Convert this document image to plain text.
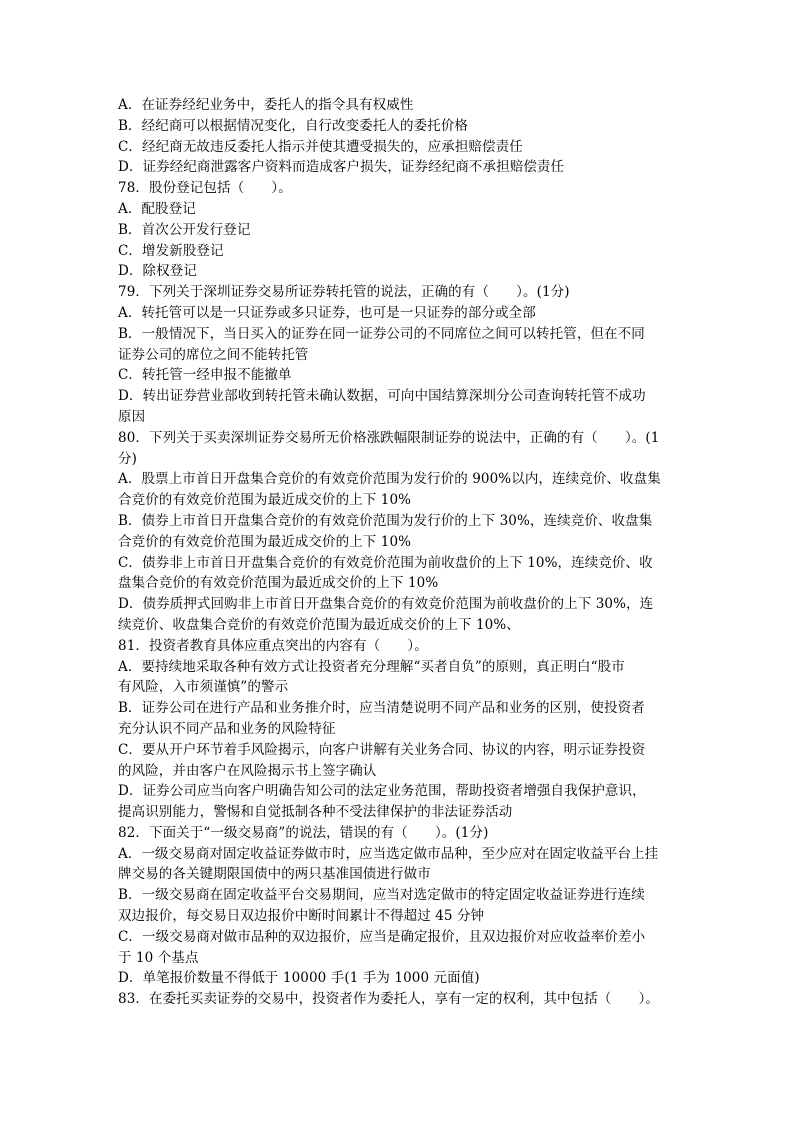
A．在证券经纪业务中，委托人的指令具有权威性
B．经纪商可以根据情况变化，自行改变委托人的委托价格
C．经纪商无故违反委托人指示并使其遭受损失的，应承担赔偿责任
D．证券经纪商泄露客户资料而造成客户损失，证券经纪商不承担赔偿责任
78．股份登记包括（　　）。
A．配股登记
B．首次公开发行登记
C．增发新股登记
D．除权登记
79．下列关于深圳证券交易所证券转托管的说法，正确的有（　　）。(1分)
A．转托管可以是一只证券或多只证券，也可是一只证券的部分或全部
B．一般情况下，当日买入的证券在同一证券公司的不同席位之间可以转托管，但在不同
证券公司的席位之间不能转托管
C．转托管一经申报不能撤单
D．转出证券营业部收到转托管未确认数据，可向中国结算深圳分公司查询转托管不成功
原因
80．下列关于买卖深圳证券交易所无价格涨跌幅限制证券的说法中，正确的有（　　）。(1
分)
A．股票上市首日开盘集合竞价的有效竞价范围为发行价的 900%以内，连续竞价、收盘集
合竞价的有效竞价范围为最近成交价的上下 10%
B．债券上市首日开盘集合竞价的有效竞价范围为发行价的上下 30%，连续竞价、收盘集
合竞价的有效竞价范围为最近成交价的上下 10%
C．债券非上市首日开盘集合竞价的有效竞价范围为前收盘价的上下 10%，连续竞价、收
盘集合竞价的有效竞价范围为最近成交价的上下 10%
D．债券质押式回购非上市首日开盘集合竞价的有效竞价范围为前收盘价的上下 30%，连
续竞价、收盘集合竞价的有效竞价范围为最近成交价的上下 10%、
81．投资者教育具体应重点突出的内容有（　　）。
A．要持续地采取各种有效方式让投资者充分理解“买者自负”的原则，真正明白“股市
有风险，入市须谨慎”的警示
B．证券公司在进行产品和业务推介时，应当清楚说明不同产品和业务的区别，使投资者
充分认识不同产品和业务的风险特征
C．要从开户环节着手风险揭示，向客户讲解有关业务合同、协议的内容，明示证券投资
的风险，并由客户在风险揭示书上签字确认
D．证券公司应当向客户明确告知公司的法定业务范围，帮助投资者增强自我保护意识，
提高识别能力，警惕和自觉抵制各种不受法律保护的非法证券活动
82．下面关于“一级交易商”的说法，错误的有（　　）。(1分)
A．一级交易商对固定收益证券做市时，应当选定做市品种，至少应对在固定收益平台上挂
牌交易的各关键期限国债中的两只基准国债进行做市
B．一级交易商在固定收益平台交易期间，应当对选定做市的特定固定收益证券进行连续
双边报价，每交易日双边报价中断时间累计不得超过 45 分钟
C．一级交易商对做市品种的双边报价，应当是确定报价，且双边报价对应收益率价差小
于 10 个基点
D．单笔报价数量不得低于 10000 手(1 手为 1000 元面值)
83．在委托买卖证券的交易中，投资者作为委托人，享有一定的权利，其中包括（　　）。
